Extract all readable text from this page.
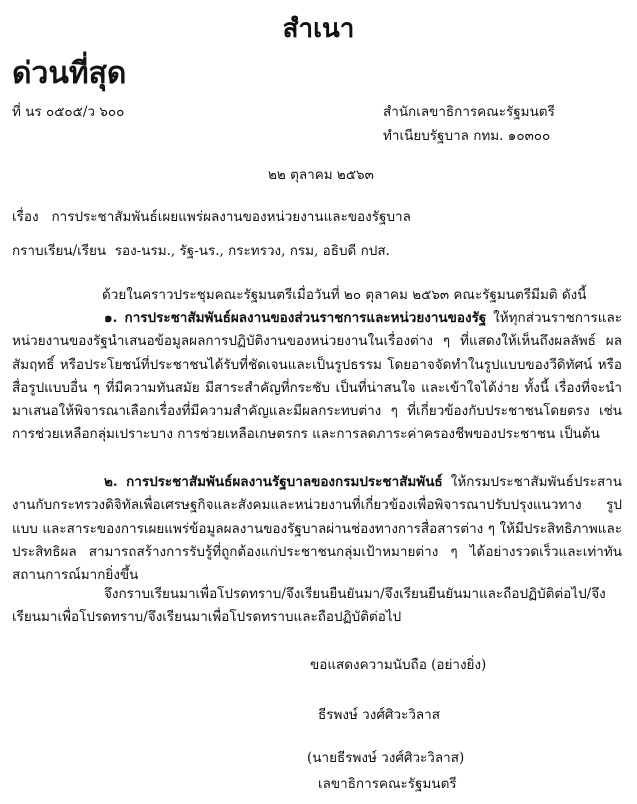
สำเนา
ด่วนที่สุด
ที่ นร ๐๕๐๕/ว ๖๐๐	สำนักเลขาธิการคณะรัฐมนตรี
ทำเนียบรัฐบาล กทม. ๑๐๓๐๐
๒๒ ตุลาคม ๒๕๖๓
เรื่อง การประชาสัมพันธ์เผยแพร่ผลงานของหน่วยงานและของรัฐบาล
กราบเรียน/เรียน รอง-นรม., รัฐ-นร., กระทรวง, กรม, อธิบดี กปส.
ด้วยในคราวประชุมคณะรัฐมนตรีเมื่อวันที่ ๒๐ ตุลาคม ๒๕๖๓ คณะรัฐมนตรีมีมติ ดังนี้
๑. การประชาสัมพันธ์ผลงานของส่วนราชการและหน่วยงานของรัฐ ให้ทุกส่วนราชการและหน่วยงานของรัฐนำเสนอข้อมูลผลการปฏิบัติงานของหน่วยงานในเรื่องต่าง ๆ ที่แสดงให้เห็นถึงผลลัพธ์ ผลสัมฤทธิ์ หรือประโยชน์ที่ประชาชนได้รับที่ชัดเจนและเป็นรูปธรรม โดยอาจจัดทำในรูปแบบของวีดิทัศน์ หรือสื่อรูปแบบอื่น ๆ ที่มีความทันสมัย มีสาระสำคัญที่กระชับ เป็นที่น่าสนใจ และเข้าใจได้ง่าย ทั้งนี้ เรื่องที่จะนำมาเสนอให้พิจารณาเลือกเรื่องที่มีความสำคัญและมีผลกระทบต่าง ๆ ที่เกี่ยวข้องกับประชาชนโดยตรง เช่น การช่วยเหลือกลุ่มเปราะบาง การช่วยเหลือเกษตรกร และการลดภาระค่าครองชีพของประชาชน เป็นต้น
๒. การประชาสัมพันธ์ผลงานรัฐบาลของกรมประชาสัมพันธ์ ให้กรมประชาสัมพันธ์ประสานงานกับกระทรวงดิจิทัลเพื่อเศรษฐกิจและสังคมและหน่วยงานที่เกี่ยวข้องเพื่อพิจารณาปรับปรุงแนวทาง รูปแบบ และสาระของการเผยแพร่ข้อมูลผลงานของรัฐบาลผ่านช่องทางการสื่อสารต่าง ๆ ให้มีประสิทธิภาพและประสิทธิผล สามารถสร้างการรับรู้ที่ถูกต้องแก่ประชาชนกลุ่มเป้าหมายต่าง ๆ ได้อย่างรวดเร็วและเท่าทันสถานการณ์มากยิ่งขึ้น
จึงกราบเรียนมาเพื่อโปรดทราบ/จึงเรียนยืนยันมา/จึงเรียนยืนยันมาและถือปฏิบัติต่อไป/จึงเรียนมาเพื่อโปรดทราบ/จึงเรียนมาเพื่อโปรดทราบและถือปฏิบัติต่อไป
ขอแสดงความนับถือ (อย่างยิ่ง)
ธีรพงษ์ วงศ์ศิวะวิลาส
(นายธีรพงษ์ วงศ์ศิวะวิลาส)
เลขาธิการคณะรัฐมนตรี
